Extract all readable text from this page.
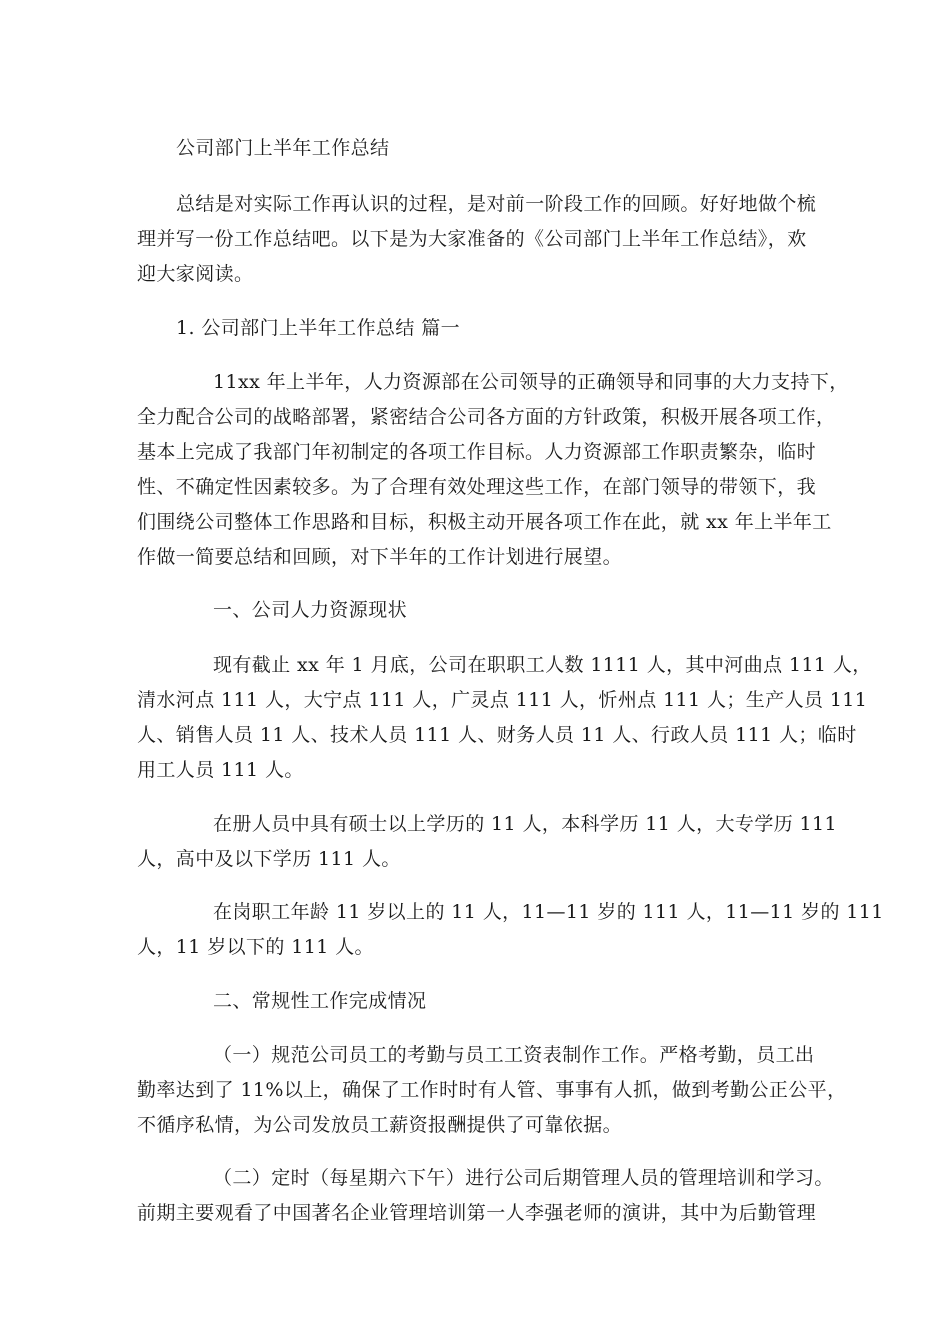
公司部门上半年工作总结
总结是对实际工作再认识的过程，是对前一阶段工作的回顾。好好地做个梳
理并写一份工作总结吧。以下是为大家准备的《公司部门上半年工作总结》，欢
迎大家阅读。
1. 公司部门上半年工作总结 篇一
11xx 年上半年，人力资源部在公司领导的正确领导和同事的大力支持下，
全力配合公司的战略部署，紧密结合公司各方面的方针政策，积极开展各项工作，
基本上完成了我部门年初制定的各项工作目标。人力资源部工作职责繁杂，临时
性、不确定性因素较多。为了合理有效处理这些工作，在部门领导的带领下，我
们围绕公司整体工作思路和目标，积极主动开展各项工作在此，就 xx 年上半年工
作做一简要总结和回顾，对下半年的工作计划进行展望。
一、公司人力资源现状
现有截止 xx 年 1 月底，公司在职职工人数 1111 人，其中河曲点 111 人，
清水河点 111 人，大宁点 111 人，广灵点 111 人，忻州点 111 人；生产人员 111
人、销售人员 11 人、技术人员 111 人、财务人员 11 人、行政人员 111 人；临时
用工人员 111 人。
在册人员中具有硕士以上学历的 11 人，本科学历 11 人，大专学历 111
人，高中及以下学历 111 人。
在岗职工年龄 11 岁以上的 11 人，11—11 岁的 111 人，11—11 岁的 111
人，11 岁以下的 111 人。
二、常规性工作完成情况
（一）规范公司员工的考勤与员工工资表制作工作。严格考勤，员工出
勤率达到了 11%以上，确保了工作时时有人管、事事有人抓，做到考勤公正公平，
不循序私情，为公司发放员工薪资报酬提供了可靠依据。
（二）定时（每星期六下午）进行公司后期管理人员的管理培训和学习。
前期主要观看了中国著名企业管理培训第一人李强老师的演讲，其中为后勤管理
